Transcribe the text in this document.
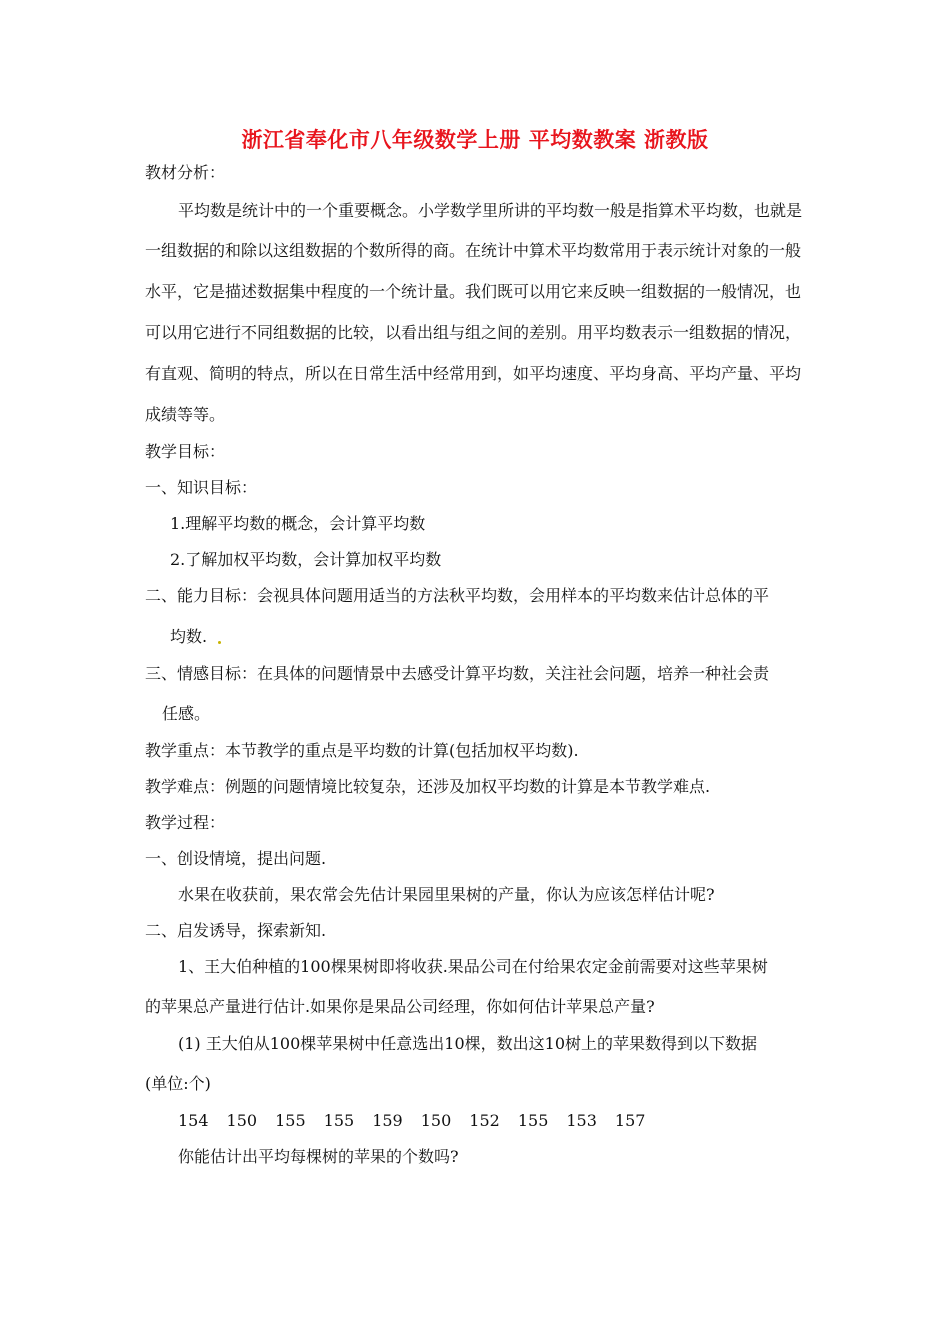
浙江省奉化市八年级数学上册 平均数教案 浙教版
教材分析：
平均数是统计中的一个重要概念。小学数学里所讲的平均数一般是指算术平均数，也就是
一组数据的和除以这组数据的个数所得的商。在统计中算术平均数常用于表示统计对象的一般
水平，它是描述数据集中程度的一个统计量。我们既可以用它来反映一组数据的一般情况，也
可以用它进行不同组数据的比较，以看出组与组之间的差别。用平均数表示一组数据的情况，
有直观、简明的特点，所以在日常生活中经常用到，如平均速度、平均身高、平均产量、平均
成绩等等。
教学目标：
一、知识目标：
1.理解平均数的概念，会计算平均数
2.了解加权平均数，会计算加权平均数
二、能力目标：会视具体问题用适当的方法秋平均数，会用样本的平均数来估计总体的平
均数.
三、情感目标：在具体的问题情景中去感受计算平均数，关注社会问题，培养一种社会责
任感。
教学重点：本节教学的重点是平均数的计算(包括加权平均数).
教学难点：例题的问题情境比较复杂，还涉及加权平均数的计算是本节教学难点.
教学过程：
一、创设情境，提出问题.
水果在收获前，果农常会先估计果园里果树的产量，你认为应该怎样估计呢?
二、启发诱导，探索新知.
1、王大伯种植的100棵果树即将收获.果品公司在付给果农定金前需要对这些苹果树
的苹果总产量进行估计.如果你是果品公司经理，你如何估计苹果总产量?
(1) 王大伯从100棵苹果树中任意选出10棵，数出这10树上的苹果数得到以下数据
(单位:个)
154 150 155 155 159 150 152 155 153 157
你能估计出平均每棵树的苹果的个数吗?
